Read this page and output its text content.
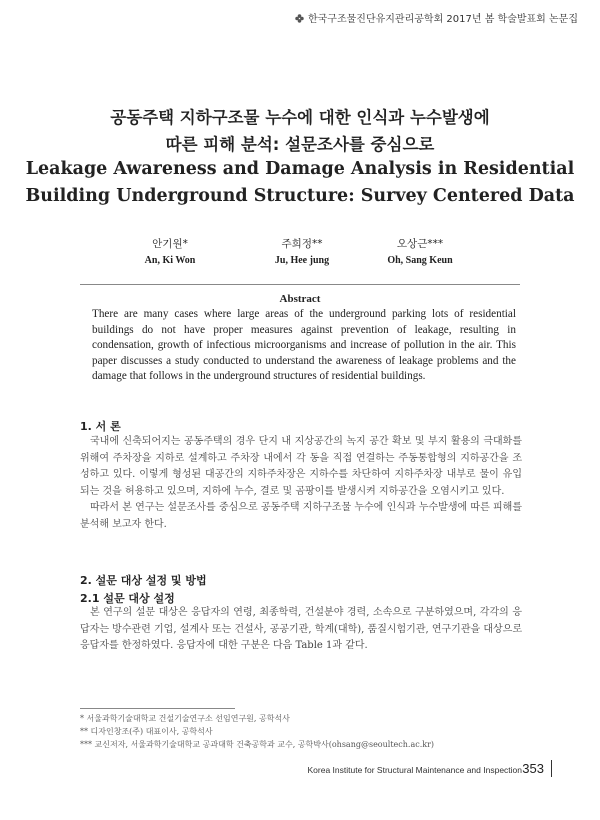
한국구조물진단유지관리공학회 2017년 봄 학술발표회 논문집
공동주택 지하구조물 누수에 대한 인식과 누수발생에
따른 피해 분석: 설문조사를 중심으로
Leakage Awareness and Damage Analysis in Residential
Building Underground Structure: Survey Centered Data
안기원*
An, Ki Won
주희정**
Ju, Hee jung
오상근***
Oh, Sang Keun
Abstract
There are many cases where large areas of the underground parking lots of residential buildings do not have proper measures against prevention of leakage, resulting in condensation, growth of infectious microorganisms and increase of pollution in the air. This paper discusses a study conducted to understand the awareness of leakage problems and the damage that follows in the underground structures of residential buildings.
1. 서 론

국내에 신축되어지는 공동주택의 경우 단지 내 지상공간의 녹지 공간 확보 및 부지 활용의 극대화를 위해여 주차장을 지하로 설계하고 주차장 내에서 각 동을 직접 연결하는 주동통합형의 지하공간을 조성하고 있다. 이렇게 형성된 대공간의 지하주차장은 지하수를 차단하여 지하주차장 내부로 물이 유입되는 것을 허용하고 있으며, 지하에 누수, 결로 및 곰팡이를 발생시켜 지하공간을 오염시키고 있다.

따라서 본 연구는 설문조사를 중심으로 공동주택 지하구조물 누수에 인식과 누수발생에 따른 피해를 분석해 보고자 한다.

2. 설문 대상 설정 및 방법
2.1 설문 대상 설정

본 연구의 설문 대상은 응답자의 연령, 최종학력, 건설분야 경력, 소속으로 구분하였으며, 각각의 응답자는 방수관련 기업, 설계사 또는 건설사, 공공기관, 학계(대학), 품질시험기관, 연구기관을 대상으로 응답자를 한정하였다. 응답자에 대한 구분은 다음 Table 1과 같다.

* 서울과학기술대학교 건설기술연구소 선임연구원, 공학석사
** 디자인창조(주) 대표이사, 공학석사
*** 교신저자, 서울과학기술대학교 공과대학 건축공학과 교수, 공학박사(ohsang@seoultech.ac.kr)
Korea Institute for Structural Maintenance and Inspection 353
